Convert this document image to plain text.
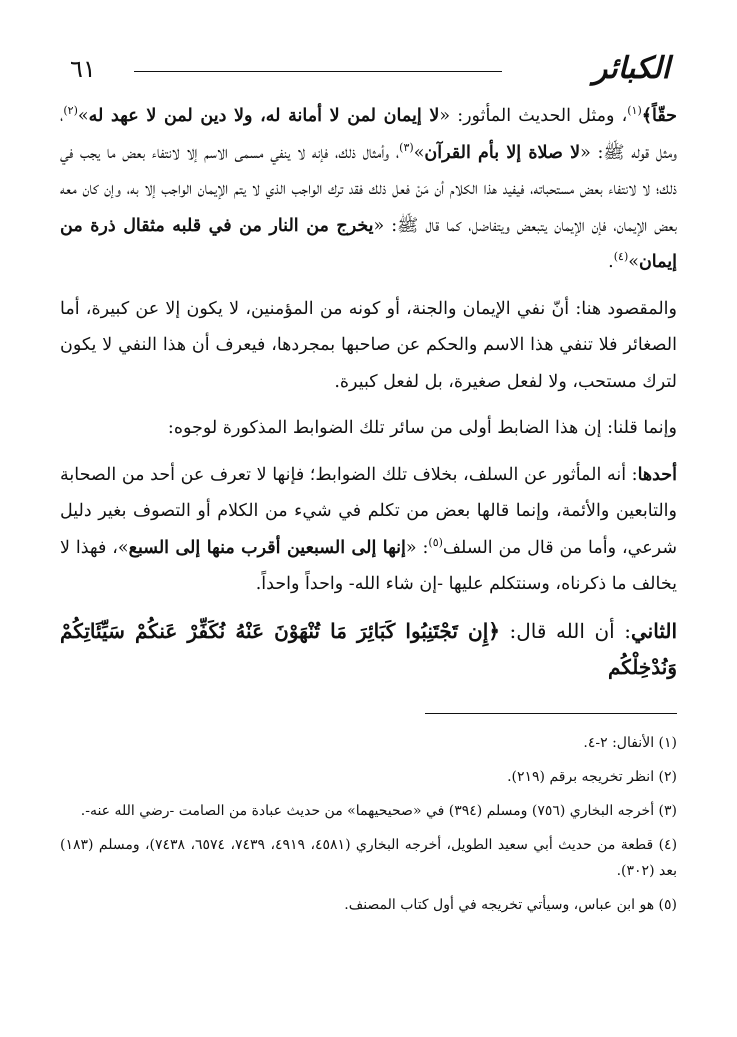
الكبائر
٦١

حقّاً﴾$^{(١)}$، ومثل الحديث المأثور: «لا إيمان لمن لا أمانة له، ولا دين لمن لا عهد له»$^{(٢)}$، ومثل قوله ﷺ: «لا صلاة إلا بأم القرآن»$^{(٣)}$، وأمثال ذلك، فإنه لا ينفي مسمى الاسم إلا لانتفاء بعض ما يجب في ذلك؛ لا لانتفاء بعض مستحباته، فيفيد هذا الكلام أن مَنْ فعل ذلك فقد ترك الواجب الذي لا يتم الإيمان الواجب إلا به، وإن كان معه بعض الإيمان، فإن الإيمان يتبعض ويتفاضل، كما قال ﷺ: «يخرج من النار من في قلبه مثقال ذرة من إيمان»$^{(٤)}$.

والمقصود هنا: أنّ نفي الإيمان والجنة، أو كونه من المؤمنين، لا يكون إلا عن كبيرة، أما الصغائر فلا تنفي هذا الاسم والحكم عن صاحبها بمجردها، فيعرف أن هذا النفي لا يكون لترك مستحب، ولا لفعل صغيرة، بل لفعل كبيرة.

وإنما قلنا: إن هذا الضابط أولى من سائر تلك الضوابط المذكورة لوجوه:

أحدها: أنه المأثور عن السلف، بخلاف تلك الضوابط؛ فإنها لا تعرف عن أحد من الصحابة والتابعين والأئمة، وإنما قالها بعض من تكلم في شيء من الكلام أو التصوف بغير دليل شرعي، وأما من قال من السلف$^{(٥)}$: «إنها إلى السبعين أقرب منها إلى السبع»، فهذا لا يخالف ما ذكرناه، وسنتكلم عليها -إن شاء الله- واحداً واحداً.

الثاني: أن الله قال: ﴿إِن تَجْتَنِبُوا كَبَائِرَ مَا تُنْهَوْنَ عَنْهُ نُكَفِّرْ عَنكُمْ سَيِّئَاتِكُمْ وَنُدْخِلْكُم

(١) الأنفال: ٢-٤.

(٢) انظر تخريجه برقم (٢١٩).

(٣) أخرجه البخاري (٧٥٦) ومسلم (٣٩٤) في «صحيحيهما» من حديث عبادة من الصامت -رضي الله عنه-.

(٤) قطعة من حديث أبي سعيد الطويل، أخرجه البخاري (٤٥٨١، ٤٩١٩، ٧٤٣٩، ٦٥٧٤، ٧٤٣٨)، ومسلم (١٨٣) بعد (٣٠٢).

(٥) هو ابن عباس، وسيأتي تخريجه في أول كتاب المصنف.
